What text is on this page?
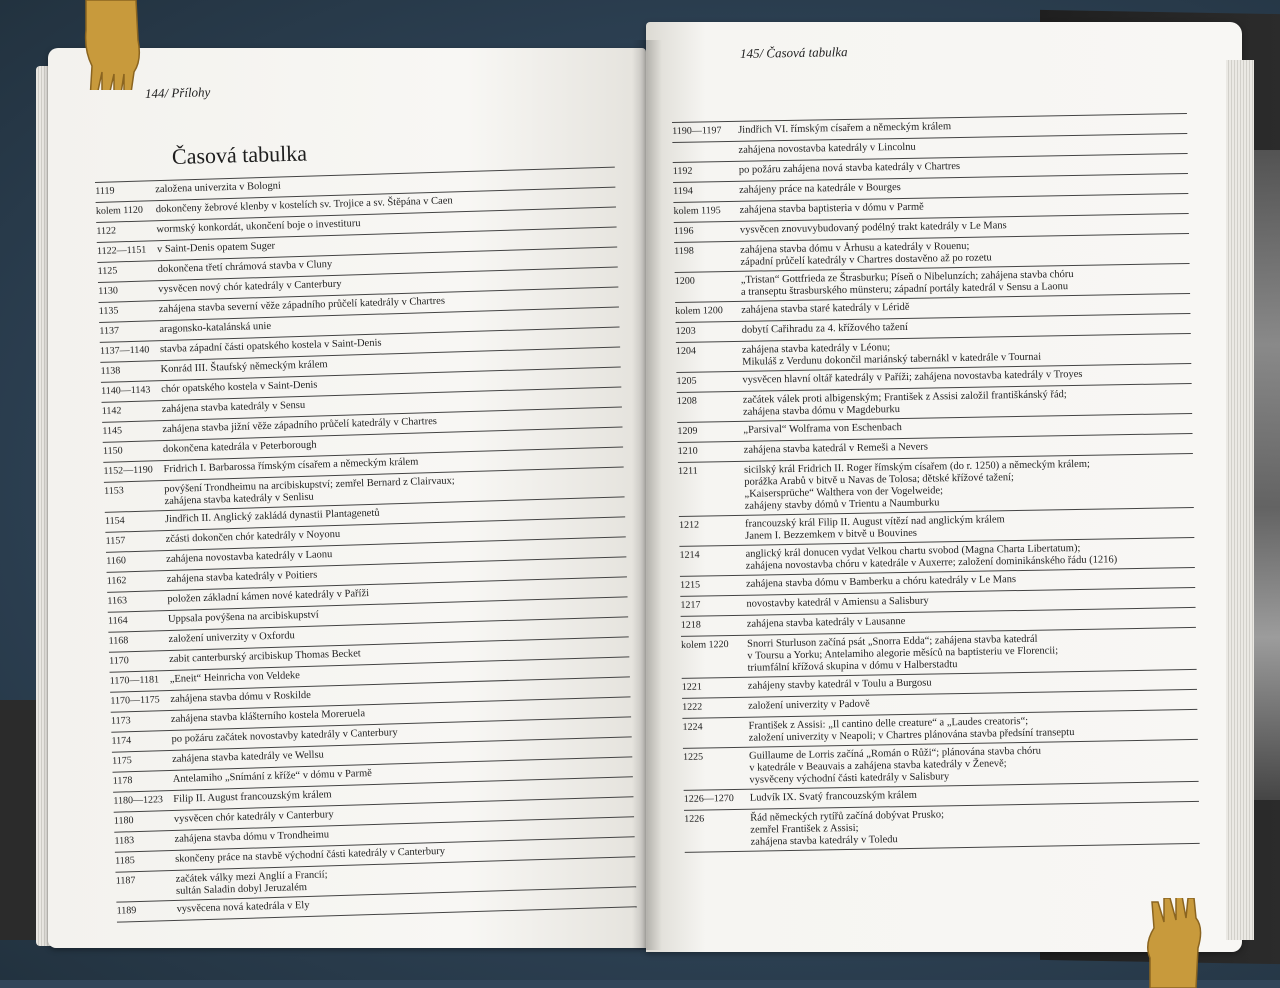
144/ Přílohy
Časová tabulka
145/ Časová tabulka
1119	založena univerzita v Bologni
kolem 1120	dokončeny žebrové klenby v kostelích sv. Trojice a sv. Štěpána v Caen
1122	wormský konkordát, ukončení boje o investituru
1122—1151 v Saint-Denis opatem Suger
1125	dokončena třetí chrámová stavba v Cluny
1130	vysvěcen nový chór katedrály v Canterbury
1135	zahájena stavba severní věže západního průčelí katedrály v Chartres
1137	aragonsko-katalánská unie
1137—1140 stavba západní části opatského kostela v Saint-Denis
1138	Konrád III. Štaufský německým králem
1140—1143 chór opatského kostela v Saint-Denis
1142	zahájena stavba katedrály v Sensu
1145	zahájena stavba jižní věže západního průčelí katedrály v Chartres
1150	dokončena katedrála v Peterborough
1152—1190 Fridrich I. Barbarossa římským císařem a německým králem
1153	povýšení Trondheimu na arcibiskupství; zemřel Bernard z Clairvaux;
zahájena stavba katedrály v Senlisu
1154	Jindřich II. Anglický zakládá dynastii Plantagenetů
1157	zčásti dokončen chór katedrály v Noyonu
1160	zahájena novostavba katedrály v Laonu
1162	zahájena stavba katedrály v Poitiers
1163	položen základní kámen nové katedrály v Paříži
1164	Uppsala povýšena na arcibiskupství
1168	založení univerzity v Oxfordu
1170	zabit canterburský arcibiskup Thomas Becket
1170—1181 „Eneit“ Heinricha von Veldeke
1170—1175 zahájena stavba dómu v Roskilde
1173	zahájena stavba klášterního kostela Moreruela
1174	po požáru začátek novostavby katedrály v Canterbury
1175	zahájena stavba katedrály ve Wellsu
1178	Antelamiho „Snímání z kříže“ v dómu v Parmě
1180—1223 Filip II. August francouzským králem
1180	vysvěcen chór katedrály v Canterbury
1183	zahájena stavba dómu v Trondheimu
1185	skončeny práce na stavbě východní části katedrály v Canterbury
1187	začátek války mezi Anglií a Francií;
sultán Saladin dobyl Jeruzalém
1189	vysvěcena nová katedrála v Ely
1190—1197	Jindřich VI. římským císařem a německým králem
zahájena novostavba katedrály v Lincolnu
1192	po požáru zahájena nová stavba katedrály v Chartres
1194	zahájeny práce na katedrále v Bourges
kolem 1195	zahájena stavba baptisteria v dómu v Parmě
1196	vysvěcen znovuvybudovaný podélný trakt katedrály v Le Mans
1198	zahájena stavba dómu v Århusu a katedrály v Rouenu;
západní průčelí katedrály v Chartres dostavěno až po rozetu
1200	„Tristan“ Gottfrieda ze Štrasburku; Píseň o Nibelunzích; zahájena stavba chóru
a transeptu štrasburského münsteru; západní portály katedrál v Sensu a Laonu
kolem 1200	zahájena stavba staré katedrály v Léridě
1203	dobytí Cařihradu za 4. křížového tažení
1204	zahájena stavba katedrály v Léonu;
Mikuláš z Verdunu dokončil mariánský tabernákl v katedrále v Tournai
1205	vysvěcen hlavní oltář katedrály v Paříži; zahájena novostavba katedrály v Troyes
1208	začátek válek proti albigenským; František z Assisi založil františkánský řád;
zahájena stavba dómu v Magdeburku
1209	„Parsival“ Wolframa von Eschenbach
1210	zahájena stavba katedrál v Remeši a Nevers
1211	sicilský král Fridrich II. Roger římským císařem (do r. 1250) a německým králem;
porážka Arabů v bitvě u Navas de Tolosa; dětské křížové tažení;
„Kaisersprüche“ Walthera von der Vogelweide;
zahájeny stavby dómů v Trientu a Naumburku
1212	francouzský král Filip II. August vítězí nad anglickým králem
Janem I. Bezzemkem v bitvě u Bouvines
1214	anglický král donucen vydat Velkou chartu svobod (Magna Charta Libertatum);
zahájena novostavba chóru v katedrále v Auxerre; založení dominikánského řádu (1216)
1215	zahájena stavba dómu v Bamberku a chóru katedrály v Le Mans
1217	novostavby katedrál v Amiensu a Salisbury
1218	zahájena stavba katedrály v Lausanne
kolem 1220	Snorri Sturluson začíná psát „Snorra Edda“; zahájena stavba katedrál
v Toursu a Yorku; Antelamiho alegorie měsíců na baptisteriu ve Florencii;
triumfální křížová skupina v dómu v Halberstadtu
1221	zahájeny stavby katedrál v Toulu a Burgosu
1222	založení univerzity v Padově
1224	František z Assisi: „Il cantino delle creature“ a „Laudes creatoris“;
založení univerzity v Neapoli; v Chartres plánována stavba předsíní transeptu
1225	Guillaume de Lorris začíná „Román o Růži“; plánována stavba chóru
v katedrále v Beauvais a zahájena stavba katedrály v Ženevě;
vysvěceny východní části katedrály v Salisbury
1226—1270	Ludvík IX. Svatý francouzským králem
1226	Řád německých rytířů začíná dobývat Prusko;
zemřel František z Assisi;
zahájena stavba katedrály v Toledu
